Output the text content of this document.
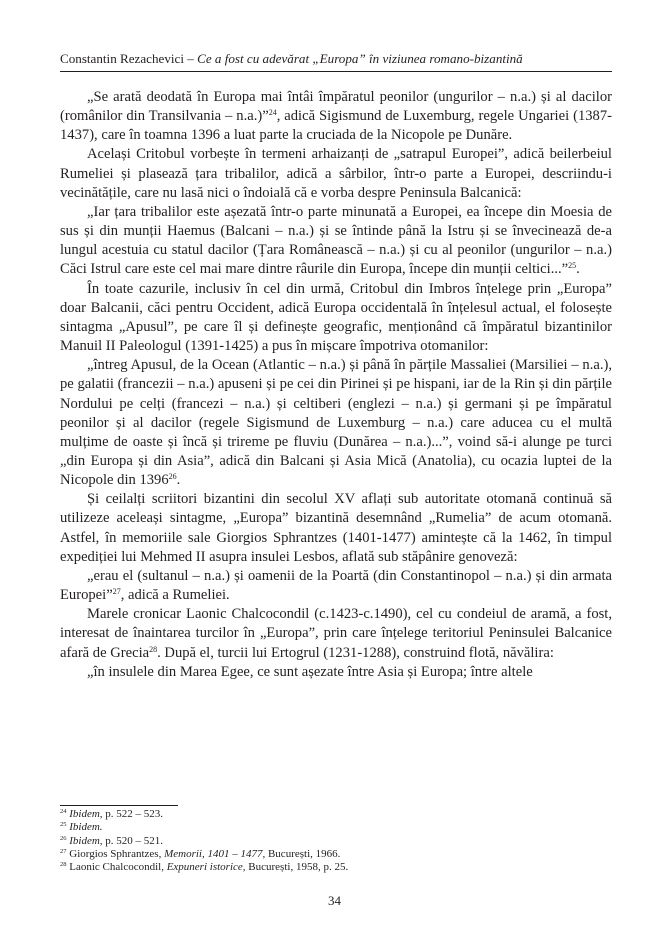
Constantin Rezachevici – Ce a fost cu adevărat „Europa” în viziunea romano-bizantină

„Se arată deodată în Europa mai întâi împăratul peonilor (ungurilor – n.a.) și al dacilor (românilor din Transilvania – n.a.)”$^{24}$, adică Sigismund de Luxemburg, regele Ungariei (1387-1437), care în toamna 1396 a luat parte la cruciada de la Nicopole pe Dunăre.

Același Critobul vorbește în termeni arhaizanți de „satrapul Europei”, adică beilerbeiul Rumeliei și plasează țara tribalilor, adică a sârbilor, într-o parte a Europei, descriindu-i vecinătățile, care nu lasă nici o îndoială că e vorba despre Peninsula Balcanică:

„Iar țara tribalilor este așezată într-o parte minunată a Europei, ea începe din Moesia de sus și din munții Haemus (Balcani – n.a.) și se întinde până la Istru și se învecinează de-a lungul acestuia cu statul dacilor (Țara Românească – n.a.) și cu al peonilor (ungurilor – n.a.) Căci Istrul care este cel mai mare dintre râurile din Europa, începe din munții celtici...”$^{25}$.

În toate cazurile, inclusiv în cel din urmă, Critobul din Imbros înțelege prin „Europa” doar Balcanii, căci pentru Occident, adică Europa occidentală în înțelesul actual, el folosește sintagma „Apusul”, pe care îl și definește geografic, menționând că împăratul bizantinilor Manuil II Paleologul (1391-1425) a pus în mișcare împotriva otomanilor:

„întreg Apusul, de la Ocean (Atlantic – n.a.) și până în părțile Massaliei (Marsiliei – n.a.), pe galatii (francezii – n.a.) apuseni și pe cei din Pirinei și pe hispani, iar de la Rin și din părțile Nordului pe celți (francezi – n.a.) și celtiberi (englezi – n.a.) și germani și pe împăratul peonilor și al dacilor (regele Sigismund de Luxemburg – n.a.) care aducea cu el multă mulțime de oaste și încă și trireme pe fluviu (Dunărea – n.a.)...”, voind să-i alunge pe turci „din Europa și din Asia”, adică din Balcani și Asia Mică (Anatolia), cu ocazia luptei de la Nicopole din 1396$^{26}$.

Și ceilalți scriitori bizantini din secolul XV aflați sub autoritate otomană continuă să utilizeze aceleași sintagme, „Europa” bizantină desemnând „Rumelia” de acum otomană. Astfel, în memoriile sale Giorgios Sphrantzes (1401-1477) amintește că la 1462, în timpul expediției lui Mehmed II asupra insulei Lesbos, aflată sub stăpânire genoveză:

„erau el (sultanul – n.a.) și oamenii de la Poartă (din Constantinopol – n.a.) și din armata Europei”$^{27}$, adică a Rumeliei.

Marele cronicar Laonic Chalcocondil (c.1423-c.1490), cel cu condeiul de aramă, a fost, interesat de înaintarea turcilor în „Europa”, prin care înțelege teritoriul Peninsulei Balcanice afară de Grecia$^{28}$. După el, turcii lui Ertogrul (1231-1288), construind flotă, năvălira:

„în insulele din Marea Egee, ce sunt așezate între Asia și Europa; între altele

$^{24}$ Ibidem, p. 522 – 523.
$^{25}$ Ibidem.
$^{26}$ Ibidem, p. 520 – 521.
$^{27}$ Giorgios Sphrantzes, Memorii, 1401 – 1477, București, 1966.
$^{28}$ Laonic Chalcocondil, Expuneri istorice, București, 1958, p. 25.
34
